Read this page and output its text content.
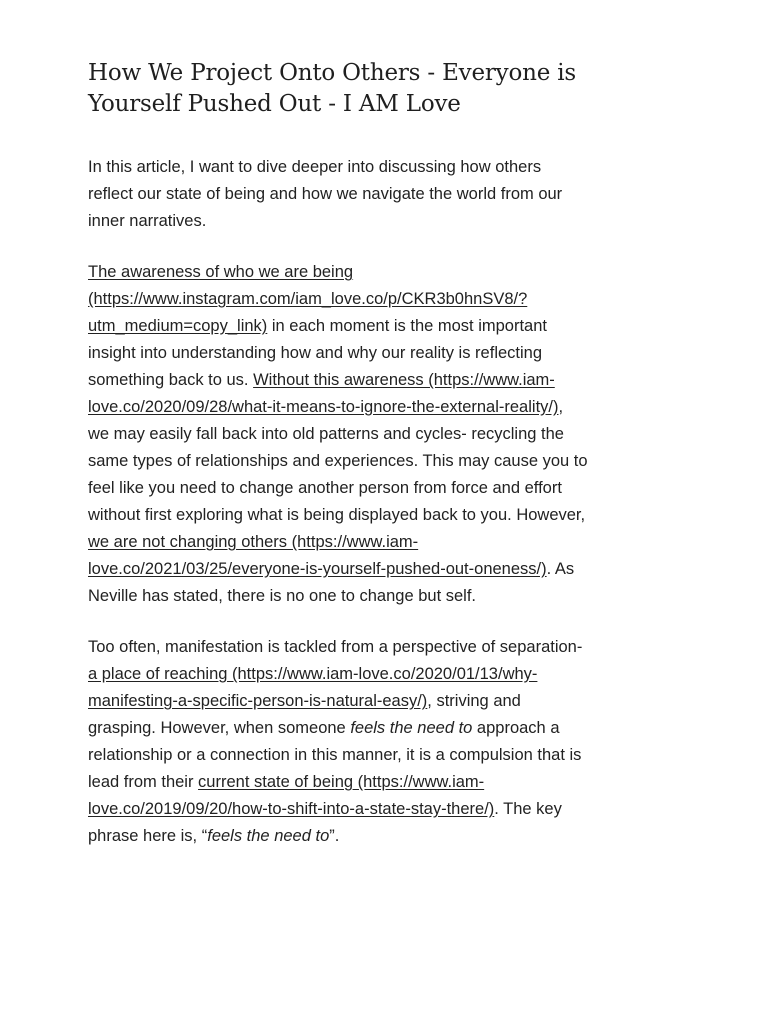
How We Project Onto Others - Everyone is Yourself Pushed Out - I AM Love

In this article, I want to dive deeper into discussing how others reflect our state of being and how we navigate the world from our inner narratives.

The awareness of who we are being (https://www.instagram.com/iam_love.co/p/CKR3b0hnSV8/?utm_medium=copy_link) in each moment is the most important insight into understanding how and why our reality is reflecting something back to us. Without this awareness (https://www.iam-love.co/2020/09/28/what-it-means-to-ignore-the-external-reality/), we may easily fall back into old patterns and cycles- recycling the same types of relationships and experiences. This may cause you to feel like you need to change another person from force and effort without first exploring what is being displayed back to you. However, we are not changing others (https://www.iam-love.co/2021/03/25/everyone-is-yourself-pushed-out-oneness/). As Neville has stated, there is no one to change but self.

Too often, manifestation is tackled from a perspective of separation- a place of reaching (https://www.iam-love.co/2020/01/13/why-manifesting-a-specific-person-is-natural-easy/), striving and grasping. However, when someone feels the need to approach a relationship or a connection in this manner, it is a compulsion that is lead from their current state of being (https://www.iam-love.co/2019/09/20/how-to-shift-into-a-state-stay-there/). The key phrase here is, “feels the need to”.
